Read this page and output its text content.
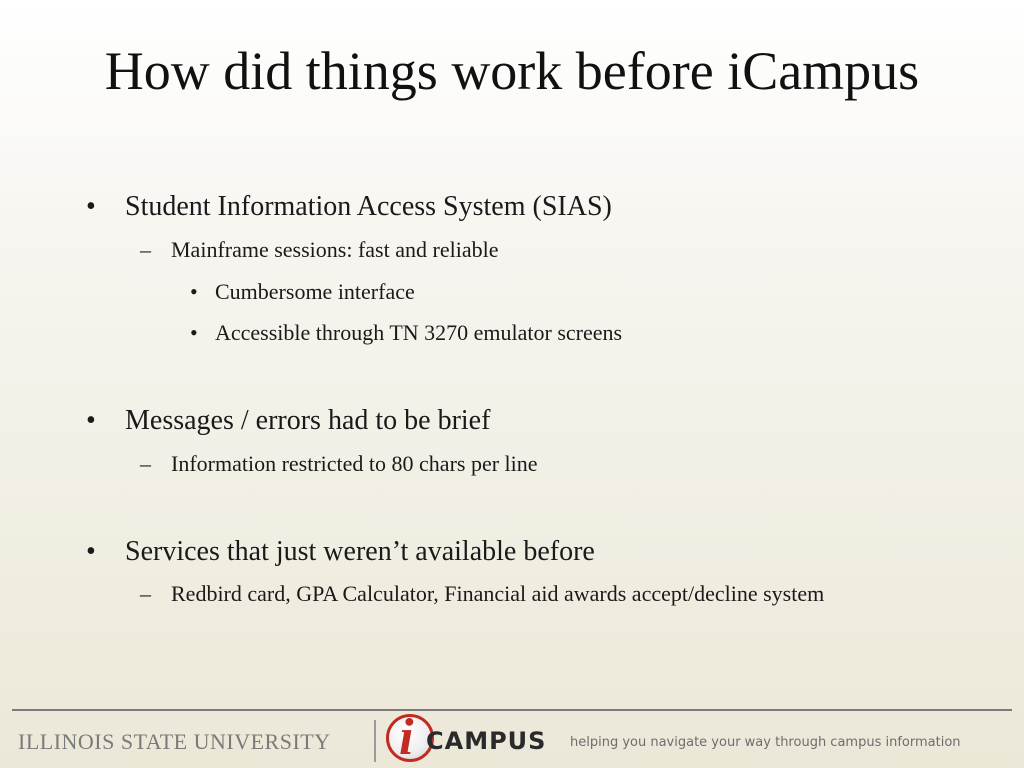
How did things work before iCampus
• Student Information Access System (SIAS)
– Mainframe sessions: fast and reliable
• Cumbersome interface
• Accessible through TN 3270 emulator screens
• Messages / errors had to be brief
– Information restricted to 80 chars per line
• Services that just weren’t available before
– Redbird card, GPA Calculator, Financial aid awards accept/decline system
ILLINOIS STATE UNIVERSITY i CAMPUS helping you navigate your way through campus information
